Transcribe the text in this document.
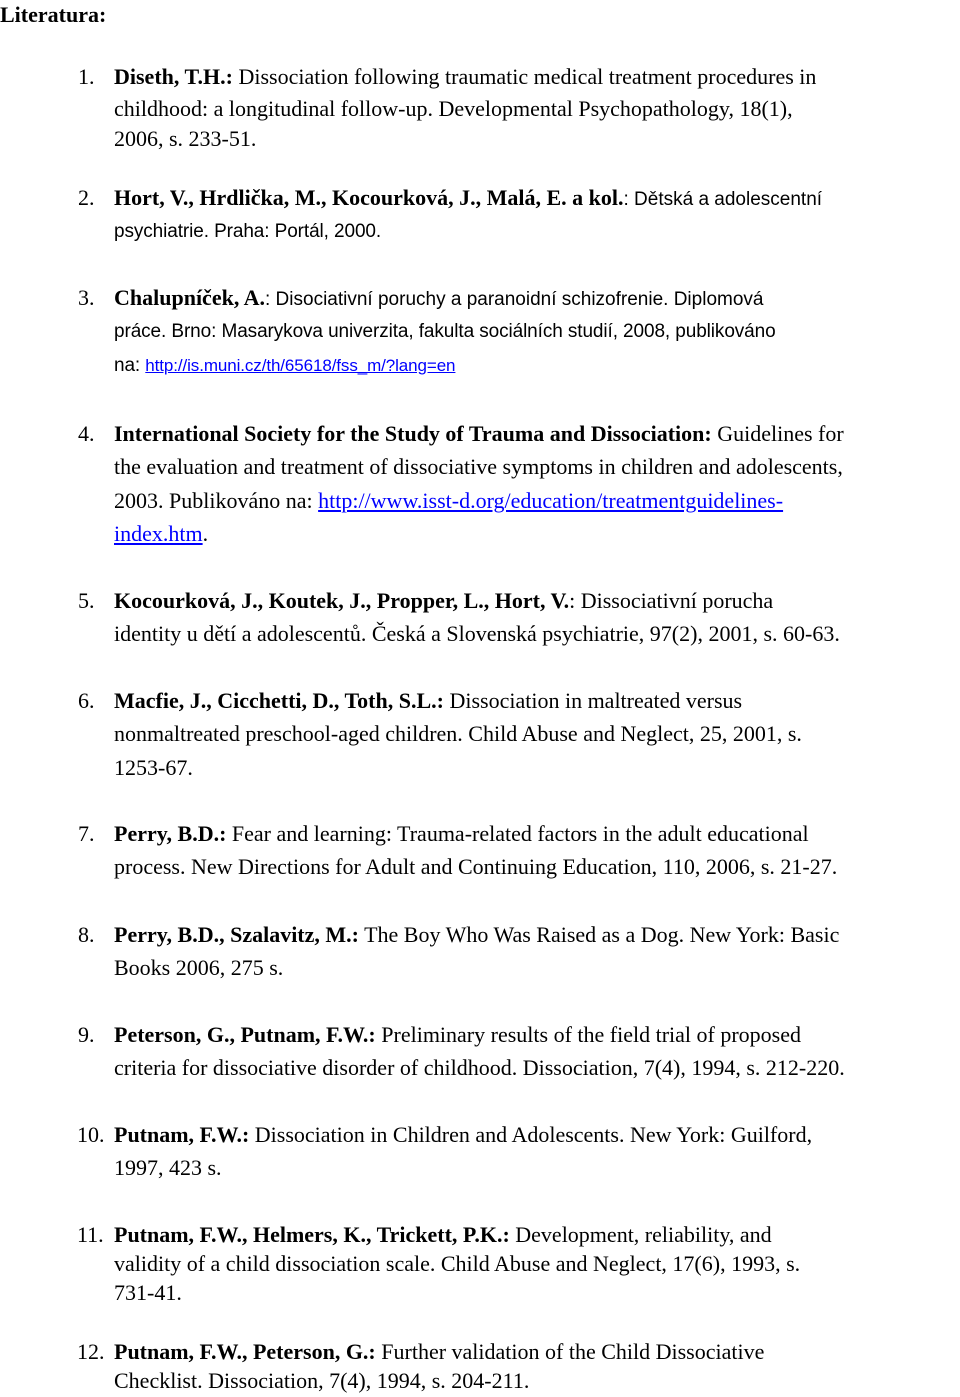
Literatura:
1. Diseth, T.H.: Dissociation following traumatic medical treatment procedures in
childhood: a longitudinal follow-up. Developmental Psychopathology, 18(1),
2006, s. 233-51.
2. Hort, V., Hrdlička, M., Kocourková, J., Malá, E. a kol.: Dětská a adolescentní
psychiatrie. Praha: Portál, 2000.
3. Chalupníček, A.: Disociativní poruchy a paranoidní schizofrenie. Diplomová
práce. Brno: Masarykova univerzita, fakulta sociálních studií, 2008, publikováno
na: http://is.muni.cz/th/65618/fss_m/?lang=en
4. International Society for the Study of Trauma and Dissociation: Guidelines for
the evaluation and treatment of dissociative symptoms in children and adolescents,
2003. Publikováno na: http://www.isst-d.org/education/treatmentguidelines-
index.htm.
5. Kocourková, J., Koutek, J., Propper, L., Hort, V.: Dissociativní porucha
identity u dětí a adolescentů. Česká a Slovenská psychiatrie, 97(2), 2001, s. 60-63.
6. Macfie, J., Cicchetti, D., Toth, S.L.: Dissociation in maltreated versus
nonmaltreated preschool-aged children. Child Abuse and Neglect, 25, 2001, s.
1253-67.
7. Perry, B.D.: Fear and learning: Trauma-related factors in the adult educational
process. New Directions for Adult and Continuing Education, 110, 2006, s. 21-27.
8. Perry, B.D., Szalavitz, M.: The Boy Who Was Raised as a Dog. New York: Basic
Books 2006, 275 s.
9. Peterson, G., Putnam, F.W.: Preliminary results of the field trial of proposed
criteria for dissociative disorder of childhood. Dissociation, 7(4), 1994, s. 212-220.
10. Putnam, F.W.: Dissociation in Children and Adolescents. New York: Guilford,
1997, 423 s.
11. Putnam, F.W., Helmers, K., Trickett, P.K.: Development, reliability, and
validity of a child dissociation scale. Child Abuse and Neglect, 17(6), 1993, s.
731-41.
12. Putnam, F.W., Peterson, G.: Further validation of the Child Dissociative
Checklist. Dissociation, 7(4), 1994, s. 204-211.
